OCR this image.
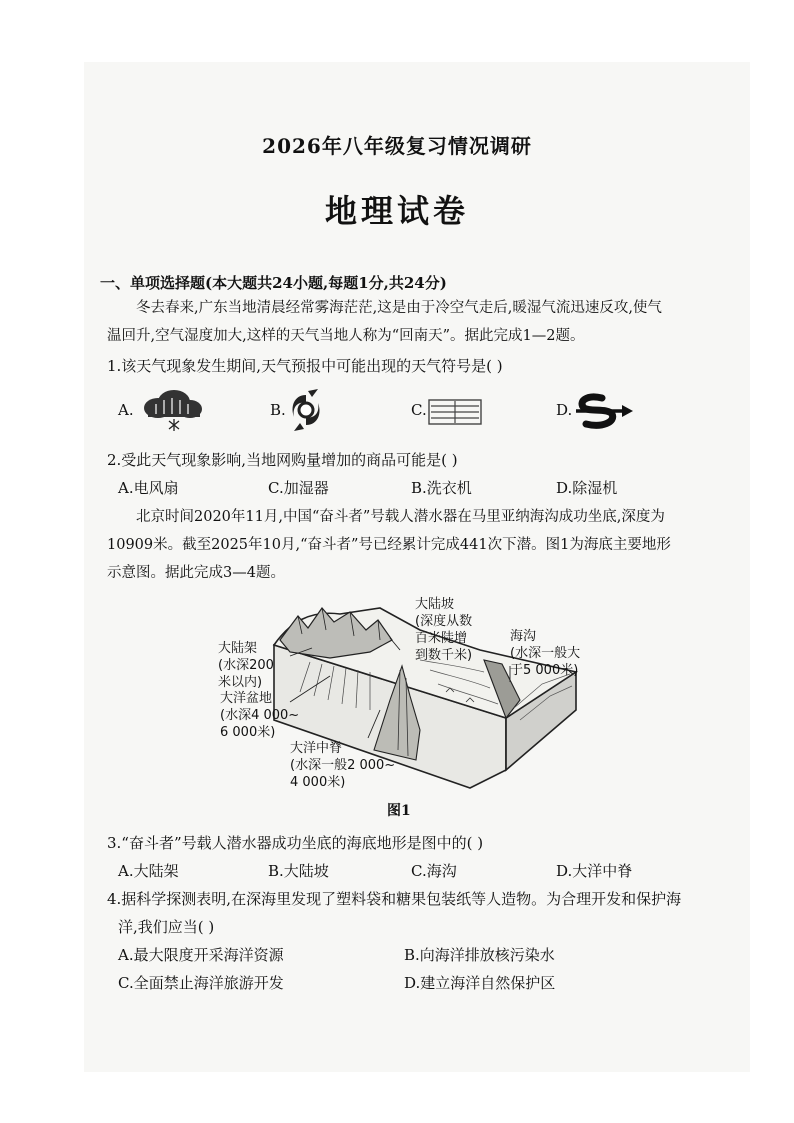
2026年八年级复习情况调研
地理试卷
一、单项选择题(本大题共24小题,每题1分,共24分)
冬去春来,广东当地清晨经常雾海茫茫,这是由于冷空气走后,暖湿气流迅速反攻,使气
温回升,空气湿度加大,这样的天气当地人称为“回南天”。据此完成1—2题。
1.该天气现象发生期间,天气预报中可能出现的天气符号是( )
A.	B.	C.	D.
2.受此天气现象影响,当地网购量增加的商品可能是( )
A.电风扇	C.加湿器	B.洗衣机	D.除湿机
北京时间2020年11月,中国“奋斗者”号载人潜水器在马里亚纳海沟成功坐底,深度为
10909米。截至2025年10月,“奋斗者”号已经累计完成441次下潜。图1为海底主要地形
示意图。据此完成3—4题。
大陆坡
(深度从数
百米陡增
到数千米)
海沟
(水深一般大
于5 000米)
大陆架
(水深200
米以内)
大洋盆地
(水深4 000~
6 000米)
大洋中脊
(水深一般2 000~
4 000米)
图1
3.“奋斗者”号载人潜水器成功坐底的海底地形是图中的( )
A.大陆架	B.大陆坡	C.海沟	D.大洋中脊
4.据科学探测表明,在深海里发现了塑料袋和糖果包装纸等人造物。为合理开发和保护海
洋,我们应当( )
A.最大限度开采海洋资源	B.向海洋排放核污染水
C.全面禁止海洋旅游开发	D.建立海洋自然保护区
